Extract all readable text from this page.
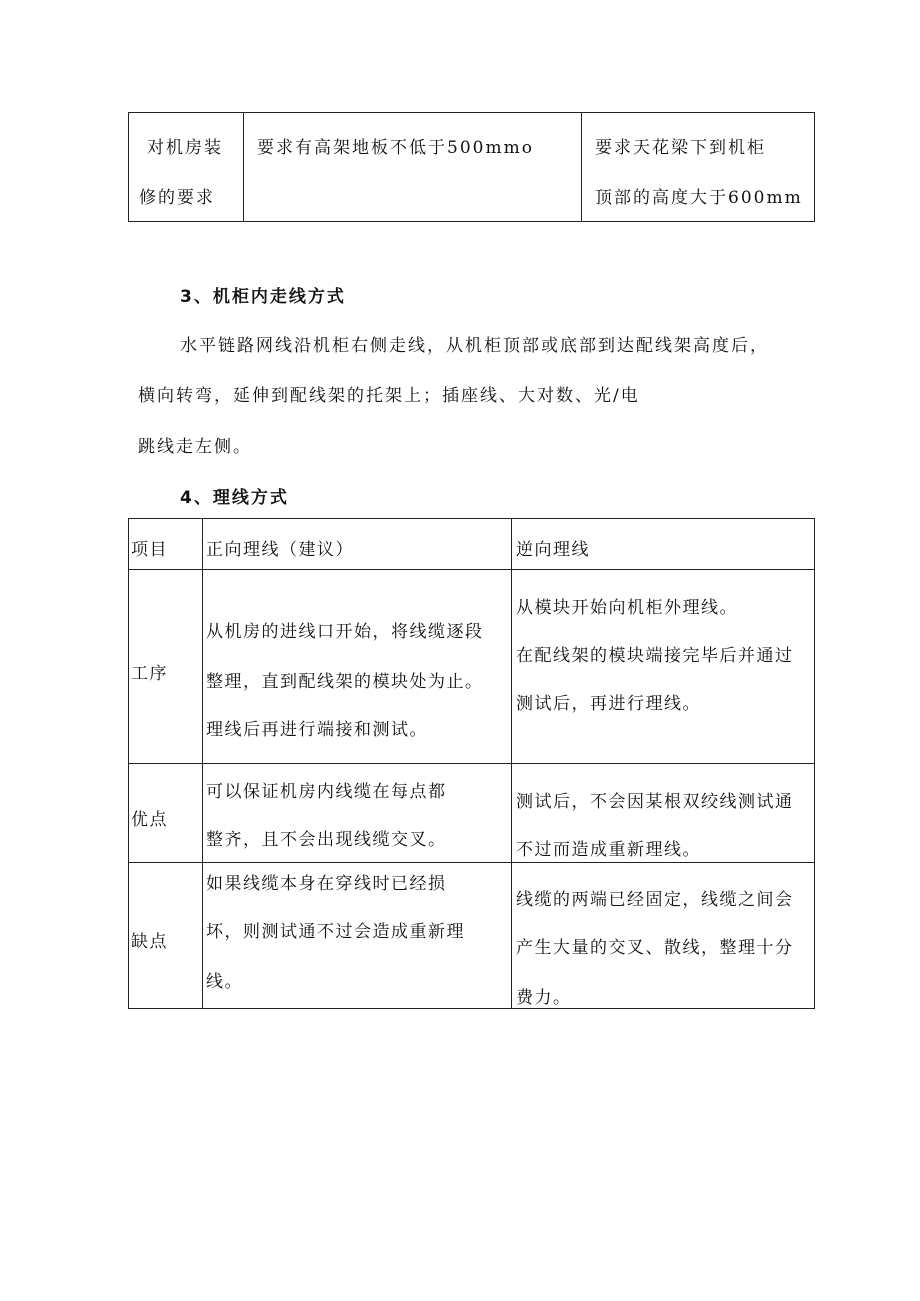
对机房装
修的要求
要求有高架地板不低于500mmo	要求天花梁下到机柜
顶部的高度大于600mm
3、机柜内走线方式
水平链路网线沿机柜右侧走线，从机柜顶部或底部到达配线架高度后，
横向转弯，延伸到配线架的托架上；插座线、大对数、光/电
跳线走左侧。
4、理线方式
项目 正向理线（建议）	逆向理线
工序
从机房的进线口开始，将线缆逐段
整理，直到配线架的模块处为止。
理线后再进行端接和测试。
从模块开始向机柜外理线。
在配线架的模块端接完毕后并通过
测试后，再进行理线。
优点
可以保证机房内线缆在每点都
整齐，且不会出现线缆交叉。
测试后，不会因某根双绞线测试通
不过而造成重新理线。
缺点
如果线缆本身在穿线时已经损
坏，则测试通不过会造成重新理
线。
线缆的两端已经固定，线缆之间会
产生大量的交叉、散线，整理十分
费力。
